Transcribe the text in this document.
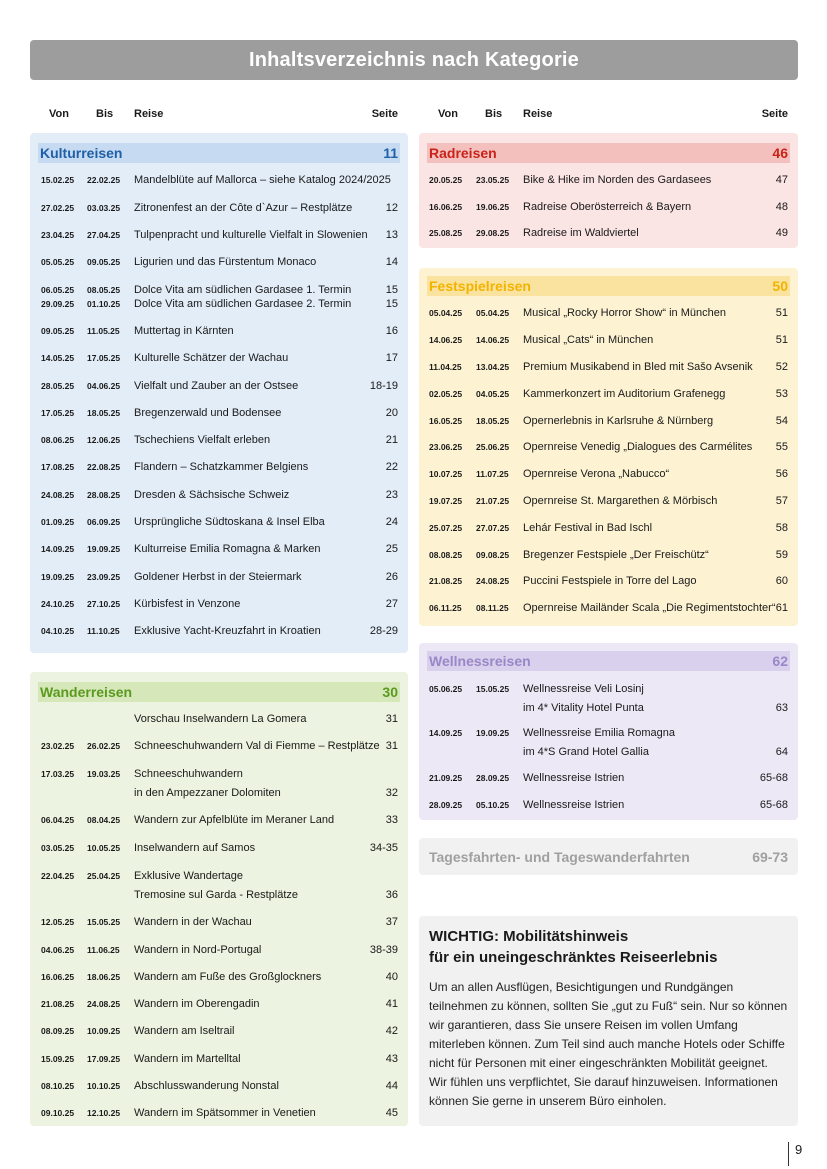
Inhaltsverzeichnis nach Kategorie
Von Bis Reise	Seite	Von Bis Reise	Seite
Kulturreisen	11
15.02.25 22.02.25 Mandelblüte auf Mallorca – siehe Katalog 2024/2025
27.02.25 03.03.25 Zitronenfest an der Côte d`Azur – Restplätze	12
23.04.25 27.04.25 Tulpenpracht und kulturelle Vielfalt in Slowenien 13
05.05.25 09.05.25 Ligurien und das Fürstentum Monaco	14
06.05.25 08.05.25 Dolce Vita am südlichen Gardasee 1. Termin	15
29.09.25 01.10.25 Dolce Vita am südlichen Gardasee 2. Termin	15
09.05.25 11.05.25 Muttertag in Kärnten	16
14.05.25 17.05.25 Kulturelle Schätzer der Wachau	17
28.05.25 04.06.25 Vielfalt und Zauber an der Ostsee	18-19
17.05.25 18.05.25 Bregenzerwald und Bodensee	20
08.06.25 12.06.25 Tschechiens Vielfalt erleben	21
17.08.25 22.08.25 Flandern – Schatzkammer Belgiens	22
24.08.25 28.08.25 Dresden & Sächsische Schweiz	23
01.09.25 06.09.25 Ursprüngliche Südtoskana & Insel Elba	24
14.09.25 19.09.25 Kulturreise Emilia Romagna & Marken	25
19.09.25 23.09.25 Goldener Herbst in der Steiermark	26
24.10.25 27.10.25 Kürbisfest in Venzone	27
04.10.25 11.10.25 Exklusive Yacht-Kreuzfahrt in Kroatien	28-29
Wanderreisen	30
Vorschau Inselwandern La Gomera	31
23.02.25 26.02.25 Schneeschuhwandern Val di Fiemme – Restplätze 31
17.03.25 19.03.25 Schneeschuhwandern
in den Ampezzaner Dolomiten	32
06.04.25 08.04.25 Wandern zur Apfelblüte im Meraner Land	33
03.05.25 10.05.25 Inselwandern auf Samos	34-35
22.04.25 25.04.25 Exklusive Wandertage
Tremosine sul Garda - Restplätze	36
12.05.25 15.05.25 Wandern in der Wachau	37
04.06.25 11.06.25 Wandern in Nord-Portugal	38-39
16.06.25 18.06.25 Wandern am Fuße des Großglockners	40
21.08.25 24.08.25 Wandern im Oberengadin	41
08.09.25 10.09.25 Wandern am Iseltrail	42
15.09.25 17.09.25 Wandern im Martelltal	43
08.10.25 10.10.25 Abschlusswanderung Nonstal	44
09.10.25 12.10.25 Wandern im Spätsommer in Venetien	45
Radreisen	46
20.05.25 23.05.25 Bike & Hike im Norden des Gardasees	47
16.06.25 19.06.25 Radreise Oberösterreich & Bayern	48
25.08.25 29.08.25 Radreise im Waldviertel	49
Festspielreisen	50
05.04.25 05.04.25 Musical „Rocky Horror Show“ in München	51
14.06.25 14.06.25 Musical „Cats“ in München	51
11.04.25 13.04.25 Premium Musikabend in Bled mit Sašo Avsenik 52
02.05.25 04.05.25 Kammerkonzert im Auditorium Grafenegg	53
16.05.25 18.05.25 Opernerlebnis in Karlsruhe & Nürnberg	54
23.06.25 25.06.25 Opernreise Venedig „Dialogues des Carmélites 55
10.07.25 11.07.25 Opernreise Verona „Nabucco“	56
19.07.25 21.07.25 Opernreise St. Margarethen & Mörbisch	57
25.07.25 27.07.25 Lehár Festival in Bad Ischl	58
08.08.25 09.08.25 Bregenzer Festspiele „Der Freischütz“	59
21.08.25 24.08.25 Puccini Festspiele in Torre del Lago	60
06.11.25 08.11.25 Opernreise Mailänder Scala „Die Regimentstochter“ 61
Wellnessreisen	62
05.06.25 15.05.25 Wellnessreise Veli Losinj
im 4* Vitality Hotel Punta	63
14.09.25 19.09.25 Wellnessreise Emilia Romagna
im 4*S Grand Hotel Gallia	64
21.09.25 28.09.25 Wellnessreise Istrien	65-68
28.09.25 05.10.25 Wellnessreise Istrien	65-68
Tagesfahrten- und Tageswanderfahrten	69-73
WICHTIG: Mobilitätshinweis
für ein uneingeschränktes Reiseerlebnis

Um an allen Ausflügen, Besichtigungen und Rundgängen teilnehmen zu können, sollten Sie „gut zu Fuß“ sein. Nur so können wir garantieren, dass Sie unsere Reisen im vollen Umfang miterleben können. Zum Teil sind auch manche Hotels oder Schiffe nicht für Personen mit einer eingeschränkten Mobilität geeignet. Wir fühlen uns verpflichtet, Sie darauf hinzuweisen. Informationen können Sie gerne in unserem Büro einholen.

9
